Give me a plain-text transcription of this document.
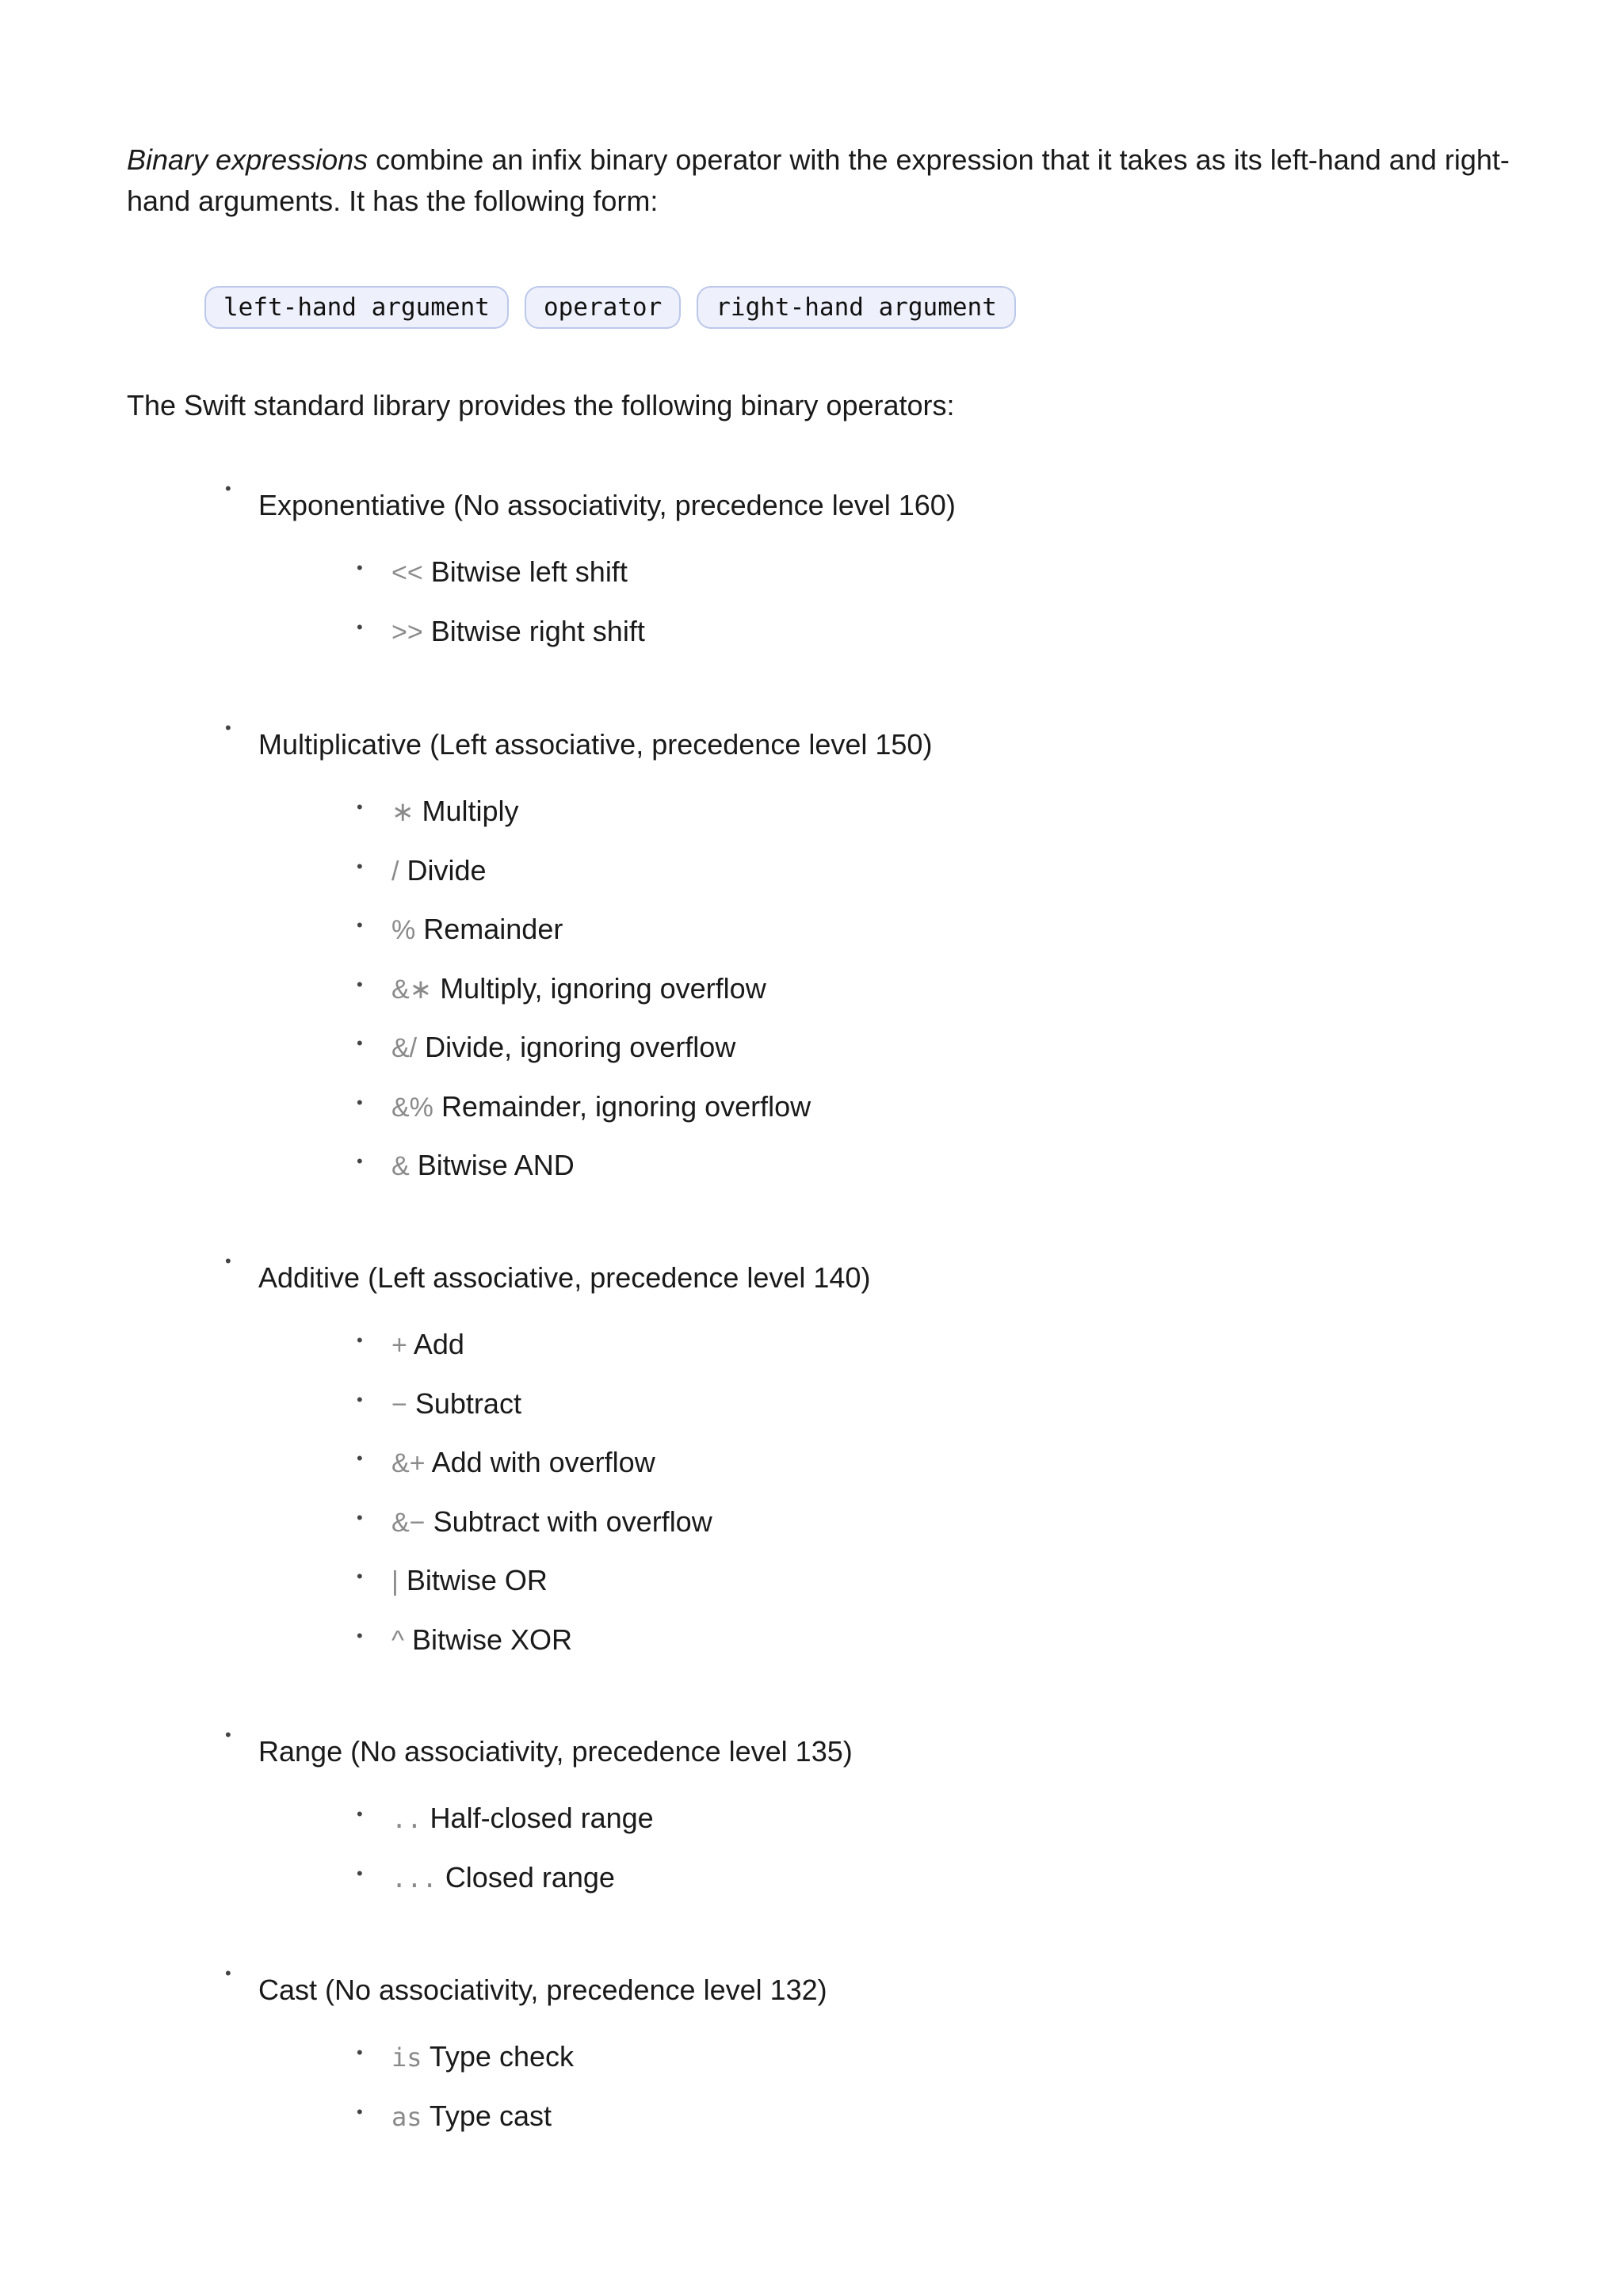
Binary expressions combine an infix binary operator with the expression that it takes as its left-hand and right-hand arguments. It has the following form:

left-hand argument	operator	right-hand argument

The Swift standard library provides the following binary operators:

•

Exponentiative (No associativity, precedence level 160)

• << Bitwise left shift

• >> Bitwise right shift

•

Multiplicative (Left associative, precedence level 150)

• ∗ Multiply

• / Divide

• % Remainder

• &∗ Multiply, ignoring overflow

• &/ Divide, ignoring overflow

• &% Remainder, ignoring overflow

• & Bitwise AND

•

Additive (Left associative, precedence level 140)

• + Add

• − Subtract

• &+ Add with overflow

• &− Subtract with overflow

• | Bitwise OR

• ^ Bitwise XOR

•

Range (No associativity, precedence level 135)

• .. Half-closed range

• ... Closed range

•

Cast (No associativity, precedence level 132)

• is Type check

• as Type cast
